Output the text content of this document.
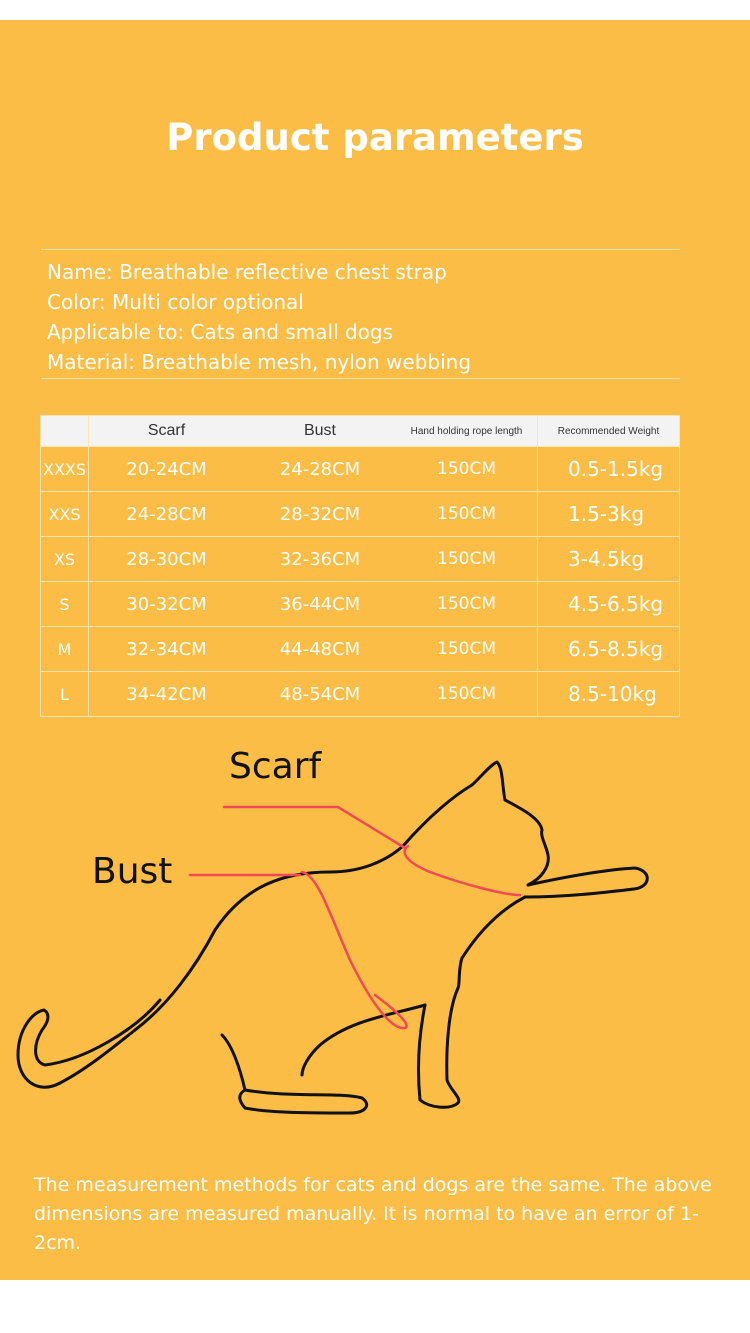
Product parameters
Name: Breathable reflective chest strap
Color: Multi color optional
Applicable to: Cats and small dogs
Material: Breathable mesh, nylon webbing
	Scarf	Bust	Hand holding rope length	Recommended Weight
XXXS	20-24CM	24-28CM	150CM	0.5-1.5kg
XXS	24-28CM	28-32CM	150CM	1.5-3kg
XS	28-30CM	32-36CM	150CM	3-4.5kg
S	30-32CM	36-44CM	150CM	4.5-6.5kg
M	32-34CM	44-48CM	150CM	6.5-8.5kg
L	34-42CM	48-54CM	150CM	8.5-10kg
Scarf
Bust
The measurement methods for cats and dogs are the same. The above dimensions are measured manually. It is normal to have an error of 1-2cm.
